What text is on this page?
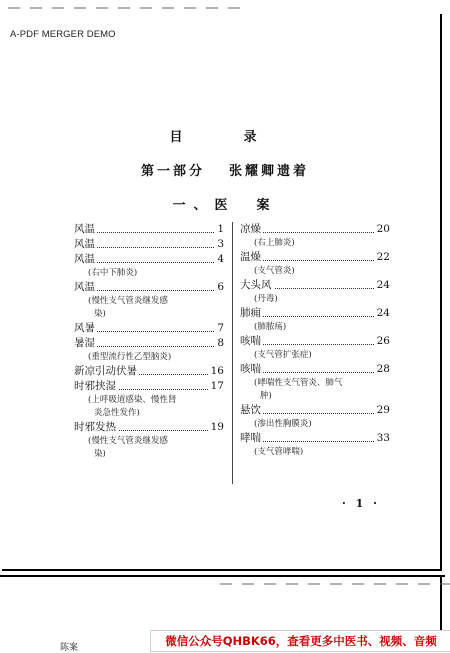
A-PDF MERGER DEMO
目　录
第一部分 张耀卿遗着
一、医　案
风温	1
风温	3
风温	4
(右中下肺炎)
风温	6
(慢性支气管炎继发感
染)
风暑	7
暑湿	8
(重型流行性乙型脑炎)
新凉引动伏暑	16
时邪挟湿	17
(上呼吸道感染、慢性肾
炎急性发作)
时邪发热	19
(慢性支气管炎继发感
染)
凉燥	20
(右上肺炎)
温燥	22
(支气管炎)
大头风	24
(丹毒)
肺痈	24
(肺脓疡)
咳喘	26
(支气管扩张症)
咳喘	28
(哮喘性支气管炎、肺气
肿)
悬饮	29
(渗出性胸膜炎)
哮喘	33
(支气管哮喘)
· 1 ·
陈案	微信公众号QHBK66，查看更多中医书、视频、音频
